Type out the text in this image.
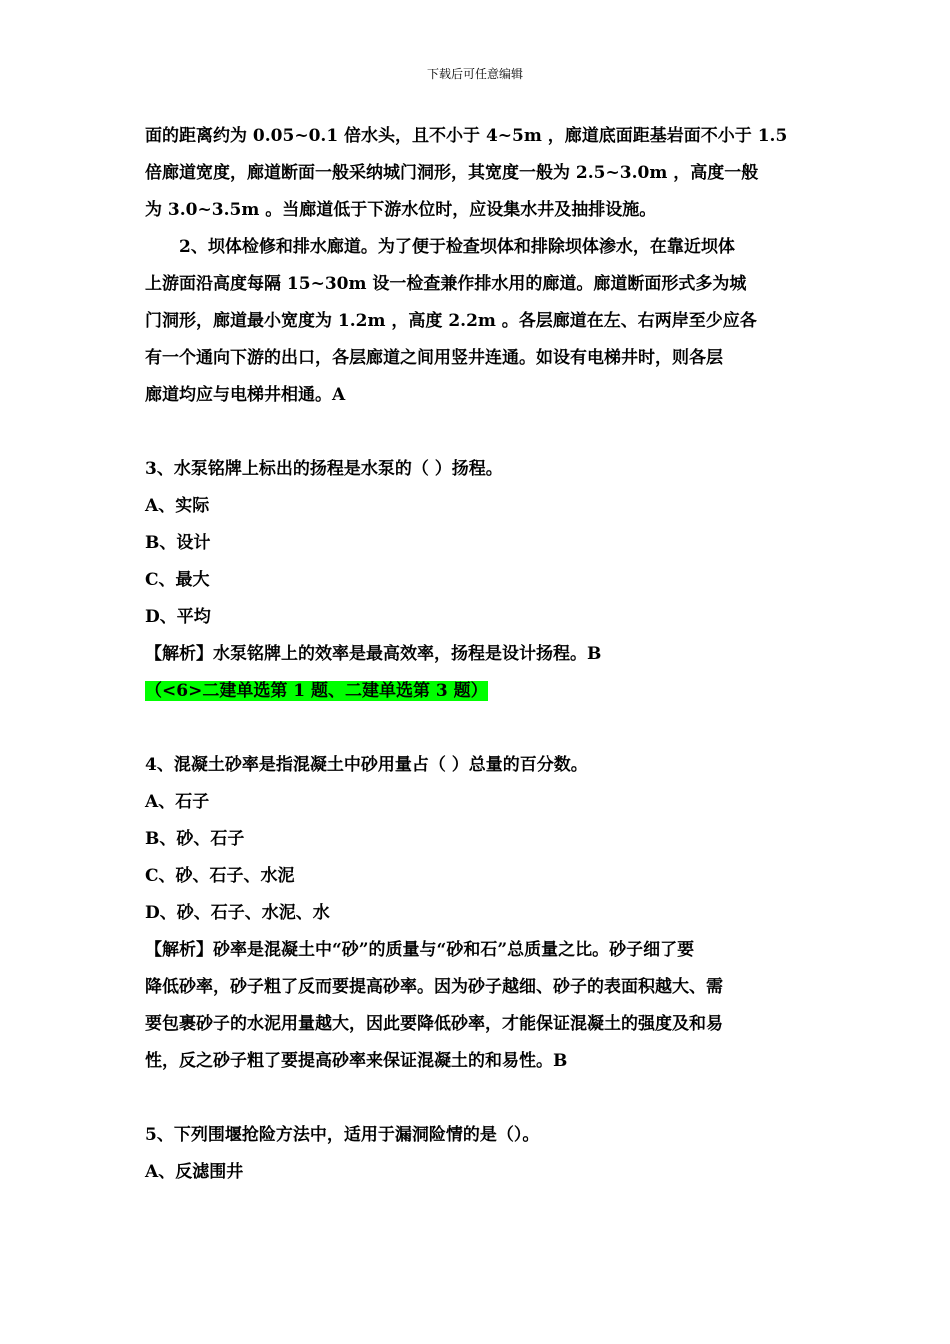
下载后可任意编辑
面的距离约为 0.05~0.1 倍水头，且不小于 4~5m ，廊道底面距基岩面不小于 1.5
倍廊道宽度，廊道断面一般采纳城门洞形，其宽度一般为 2.5~3.0m ，高度一般
为 3.0~3.5m 。当廊道低于下游水位时，应设集水井及抽排设施。
2、坝体检修和排水廊道。为了便于检查坝体和排除坝体渗水，在靠近坝体
上游面沿高度每隔 15~30m 设一检查兼作排水用的廊道。廊道断面形式多为城
门洞形，廊道最小宽度为 1.2m ，高度 2.2m 。各层廊道在左、右两岸至少应各
有一个通向下游的出口，各层廊道之间用竖井连通。如设有电梯井时，则各层
廊道均应与电梯井相通。A
3、水泵铭牌上标出的扬程是水泵的（ ）扬程。
A、实际
B、设计
C、最大
D、平均
【解析】水泵铭牌上的效率是最高效率，扬程是设计扬程。B
（<6>二建单选第 1 题、二建单选第 3 题）
4、混凝土砂率是指混凝土中砂用量占（ ）总量的百分数。
A、石子
B、砂、石子
C、砂、石子、水泥
D、砂、石子、水泥、水
【解析】砂率是混凝土中“砂”的质量与“砂和石”总质量之比。砂子细了要
降低砂率，砂子粗了反而要提高砂率。因为砂子越细、砂子的表面积越大、需
要包裹砂子的水泥用量越大，因此要降低砂率，才能保证混凝土的强度及和易
性，反之砂子粗了要提高砂率来保证混凝土的和易性。B
5、下列围堰抢险方法中，适用于漏洞险情的是（）。
A、反滤围井
